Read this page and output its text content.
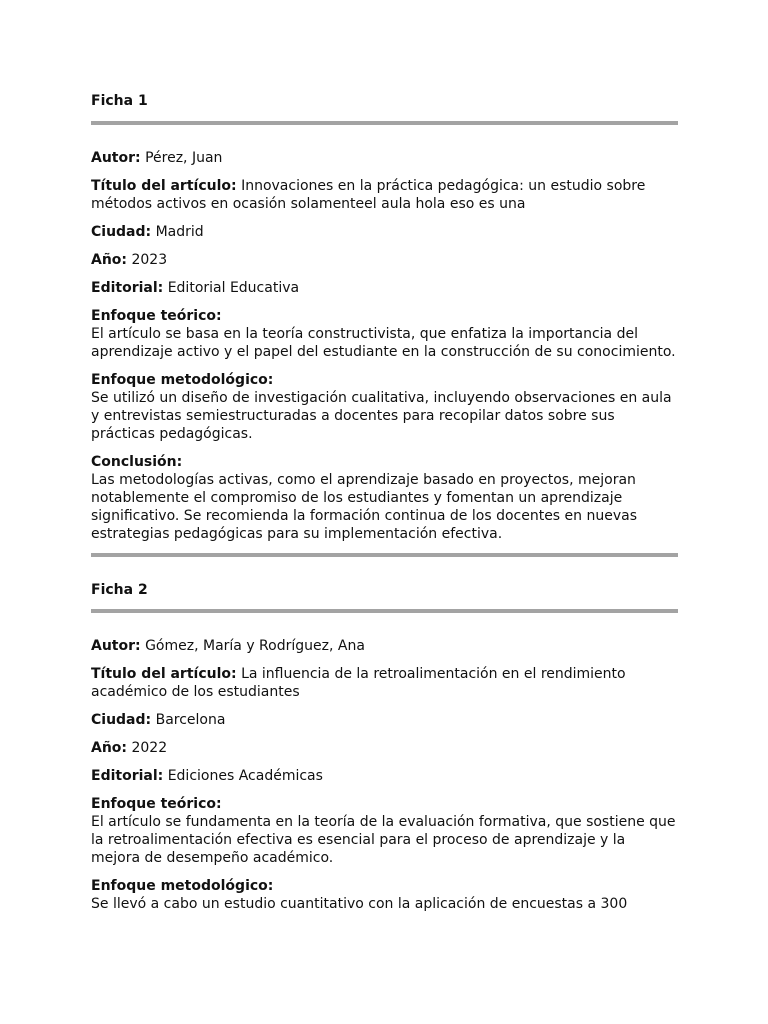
Ficha 1
Autor: Pérez, Juan
Título del artículo: Innovaciones en la práctica pedagógica: un estudio sobre métodos activos en ocasión solamenteel aula hola eso es una
Ciudad: Madrid
Año: 2023
Editorial: Editorial Educativa
Enfoque teórico:
El artículo se basa en la teoría constructivista, que enfatiza la importancia del aprendizaje activo y el papel del estudiante en la construcción de su conocimiento.
Enfoque metodológico:
Se utilizó un diseño de investigación cualitativa, incluyendo observaciones en aula y entrevistas semiestructuradas a docentes para recopilar datos sobre sus prácticas pedagógicas.
Conclusión:
Las metodologías activas, como el aprendizaje basado en proyectos, mejoran notablemente el compromiso de los estudiantes y fomentan un aprendizaje significativo. Se recomienda la formación continua de los docentes en nuevas estrategias pedagógicas para su implementación efectiva.
Ficha 2
Autor: Gómez, María y Rodríguez, Ana
Título del artículo: La influencia de la retroalimentación en el rendimiento académico de los estudiantes
Ciudad: Barcelona
Año: 2022
Editorial: Ediciones Académicas
Enfoque teórico:
El artículo se fundamenta en la teoría de la evaluación formativa, que sostiene que la retroalimentación efectiva es esencial para el proceso de aprendizaje y la mejora de desempeño académico.
Enfoque metodológico:
Se llevó a cabo un estudio cuantitativo con la aplicación de encuestas a 300
